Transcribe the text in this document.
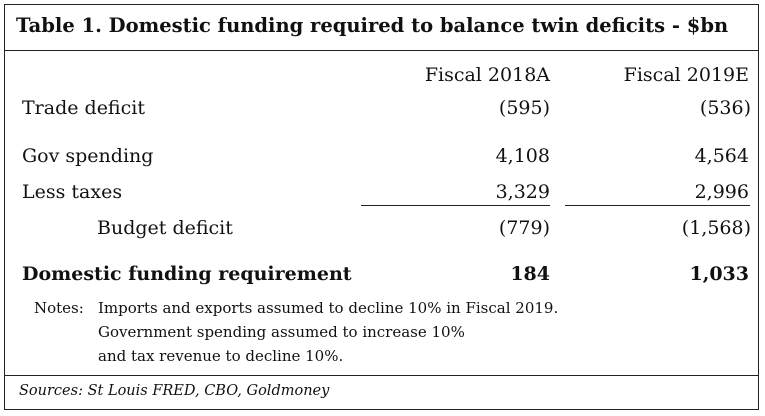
Table 1. Domestic funding required to balance twin deficits - $bn
Fiscal 2018A	Fiscal 2019E
Trade deficit	(595)	(536)
Gov spending	4,108	4,564
Less taxes	3,329	2,996
Budget deficit	(779)	(1,568)
Domestic funding requirement	184	1,033
Notes: Imports and exports assumed to decline 10% in Fiscal 2019.
Government spending assumed to increase 10%
and tax revenue to decline 10%.
Sources: St Louis FRED, CBO, Goldmoney
